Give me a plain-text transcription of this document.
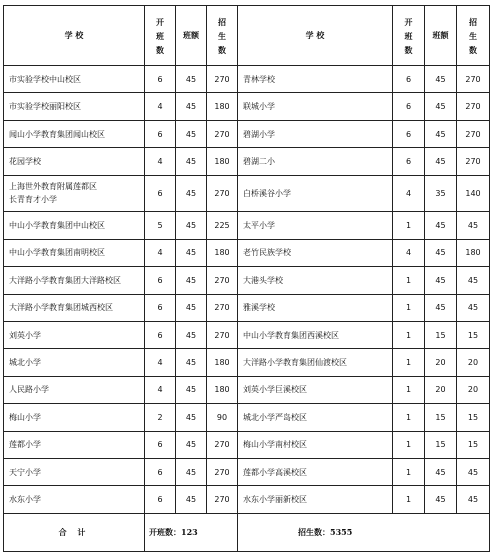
学 校	开班数	班额	招生数	学 校	开班数	班额	招生数

市实验学校中山校区	6	45	270	青林学校	6	45	270
市实验学校丽阳校区	4	45	180	联城小学	6	45	270
闻山小学教育集团闻山校区	6	45	270	碧湖小学	6	45	270
花园学校	4	45	180	碧湖二小	6	45	270
上海世外教育附属莲都区
长青育才小学	6	45	270	白桥溪谷小学	4	35	140
中山小学教育集团中山校区	5	45	225	太平小学	1	45	45
中山小学教育集团南明校区	4	45	180	老竹民族学校	4	45	180
大洋路小学教育集团大洋路校区	6	45	270	大港头学校	1	45	45
大洋路小学教育集团城西校区	6	45	270	雅溪学校	1	45	45
刘英小学	6	45	270	中山小学教育集团西溪校区	1	15	15
城北小学	4	45	180	大洋路小学教育集团仙渡校区	1	20	20
人民路小学	4	45	180	刘英小学巨溪校区	1	20	20
梅山小学	2	45	90	城北小学严岛校区	1	15	15
莲都小学	6	45	270	梅山小学南村校区	1	15	15
天宁小学	6	45	270	莲都小学高溪校区	1	45	45
水东小学	6	45	270	水东小学丽新校区	1	45	45
合 计	开班数：123			招生数：5355			
